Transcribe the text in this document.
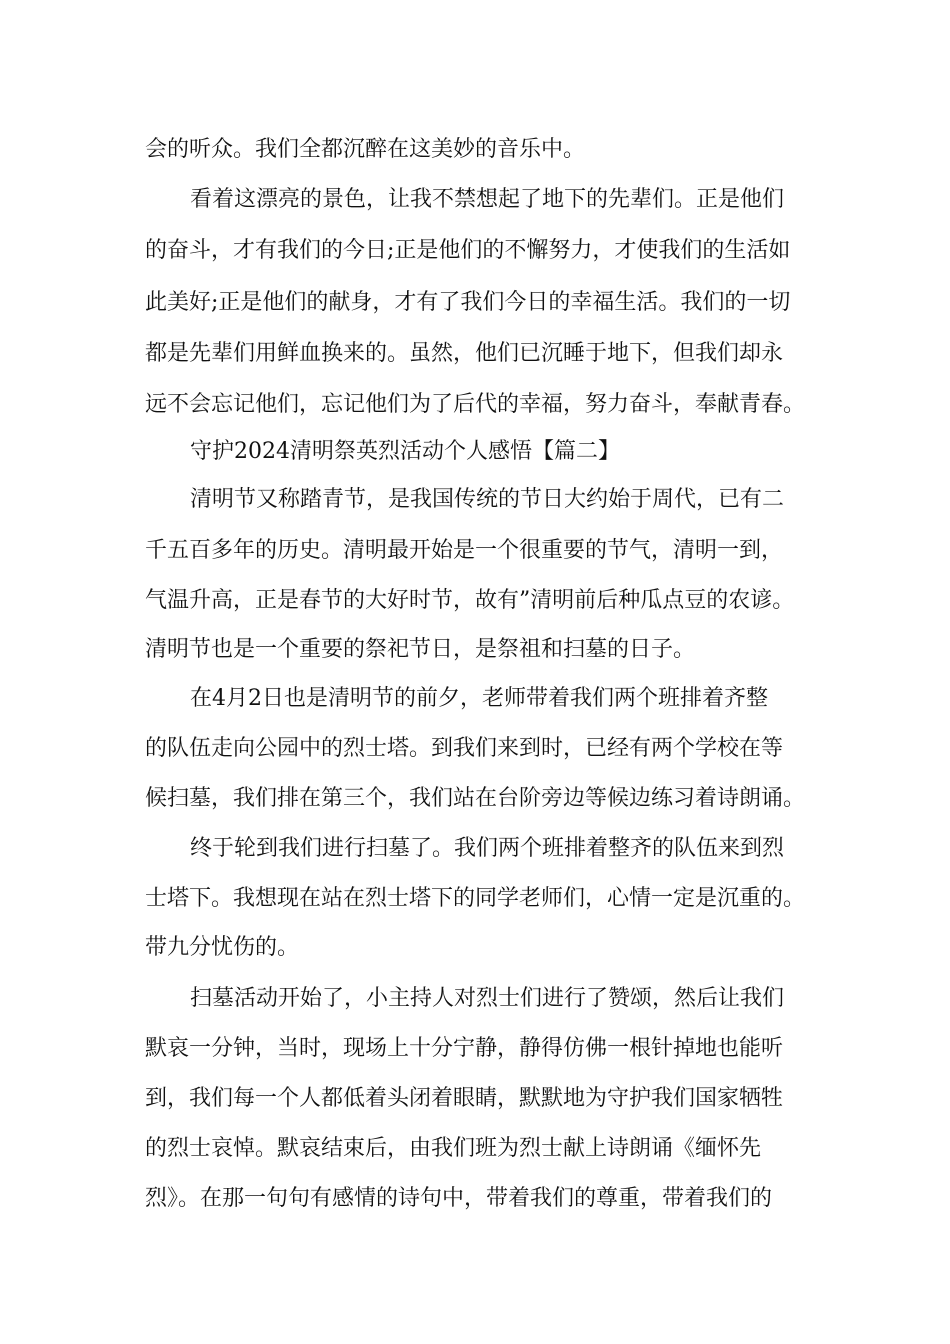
会的听众。我们全都沉醉在这美妙的音乐中。
看着这漂亮的景色，让我不禁想起了地下的先辈们。正是他们
的奋斗，才有我们的今日;正是他们的不懈努力，才使我们的生活如
此美好;正是他们的献身，才有了我们今日的幸福生活。我们的一切
都是先辈们用鲜血换来的。虽然，他们已沉睡于地下，但我们却永
远不会忘记他们，忘记他们为了后代的幸福，努力奋斗，奉献青春。
守护2024清明祭英烈活动个人感悟【篇二】
清明节又称踏青节，是我国传统的节日大约始于周代，已有二
千五百多年的历史。清明最开始是一个很重要的节气，清明一到，
气温升高，正是春节的大好时节，故有”清明前后种瓜点豆的农谚。
清明节也是一个重要的祭祀节日，是祭祖和扫墓的日子。
在4月2日也是清明节的前夕，老师带着我们两个班排着齐整
的队伍走向公园中的烈士塔。到我们来到时，已经有两个学校在等
候扫墓，我们排在第三个，我们站在台阶旁边等候边练习着诗朗诵。
终于轮到我们进行扫墓了。我们两个班排着整齐的队伍来到烈
士塔下。我想现在站在烈士塔下的同学老师们，心情一定是沉重的。
带九分忧伤的。
扫墓活动开始了，小主持人对烈士们进行了赞颂，然后让我们
默哀一分钟，当时，现场上十分宁静，静得仿佛一根针掉地也能听
到，我们每一个人都低着头闭着眼睛，默默地为守护我们国家牺牲
的烈士哀悼。默哀结束后，由我们班为烈士献上诗朗诵《缅怀先
烈》。在那一句句有感情的诗句中，带着我们的尊重，带着我们的
